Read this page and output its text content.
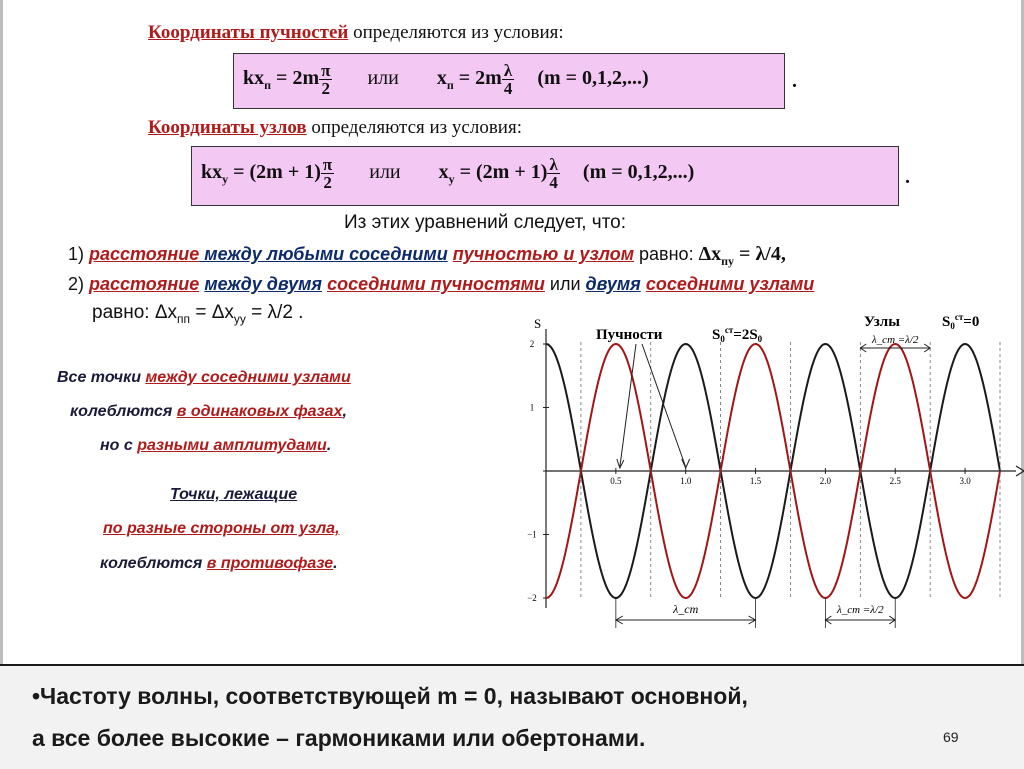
Координаты пучностей определяются из условия:
$kx_п = 2m \frac{\pi}{2}$ или $x_п = 2m \frac{\lambda}{4} (m = 0,1,2,...)$	.
Координаты узлов определяются из условия:
$kx_у = (2m + 1) \frac{\pi}{2}$ или $x_у = (2m + 1) \frac{\lambda}{4} (m = 0,1,2,...)$	.
Из этих уравнений следует, что:
1) расстояние между любыми соседними пучностью и узлом равно: $\Delta x_{пу} = \lambda/4$,
2) расстояние между двумя соседними пучностями или двумя соседними узлами
равно: $\Delta x_{пп} = \Delta x_{уу} = \lambda/2$ .
Все точки между соседними узлами
колеблются в одинаковых фазах,
но с разными амплитудами.
Точки, лежащие
по разные стороны от узла,
колеблются в противофазе.
S
2
1
−1
−2
0.5	1.0	1.5	2.0	2.5	3.0
Пучности	$S_0^{ст}=2S_0$
Узлы	$S_0^{ст}=0$
λ_ст =λ/2
λ_ст	λ_ст =λ/2
•Частоту волны, соответствующей m = 0, называют основной,
а все более высокие – гармониками или обертонами.	69
